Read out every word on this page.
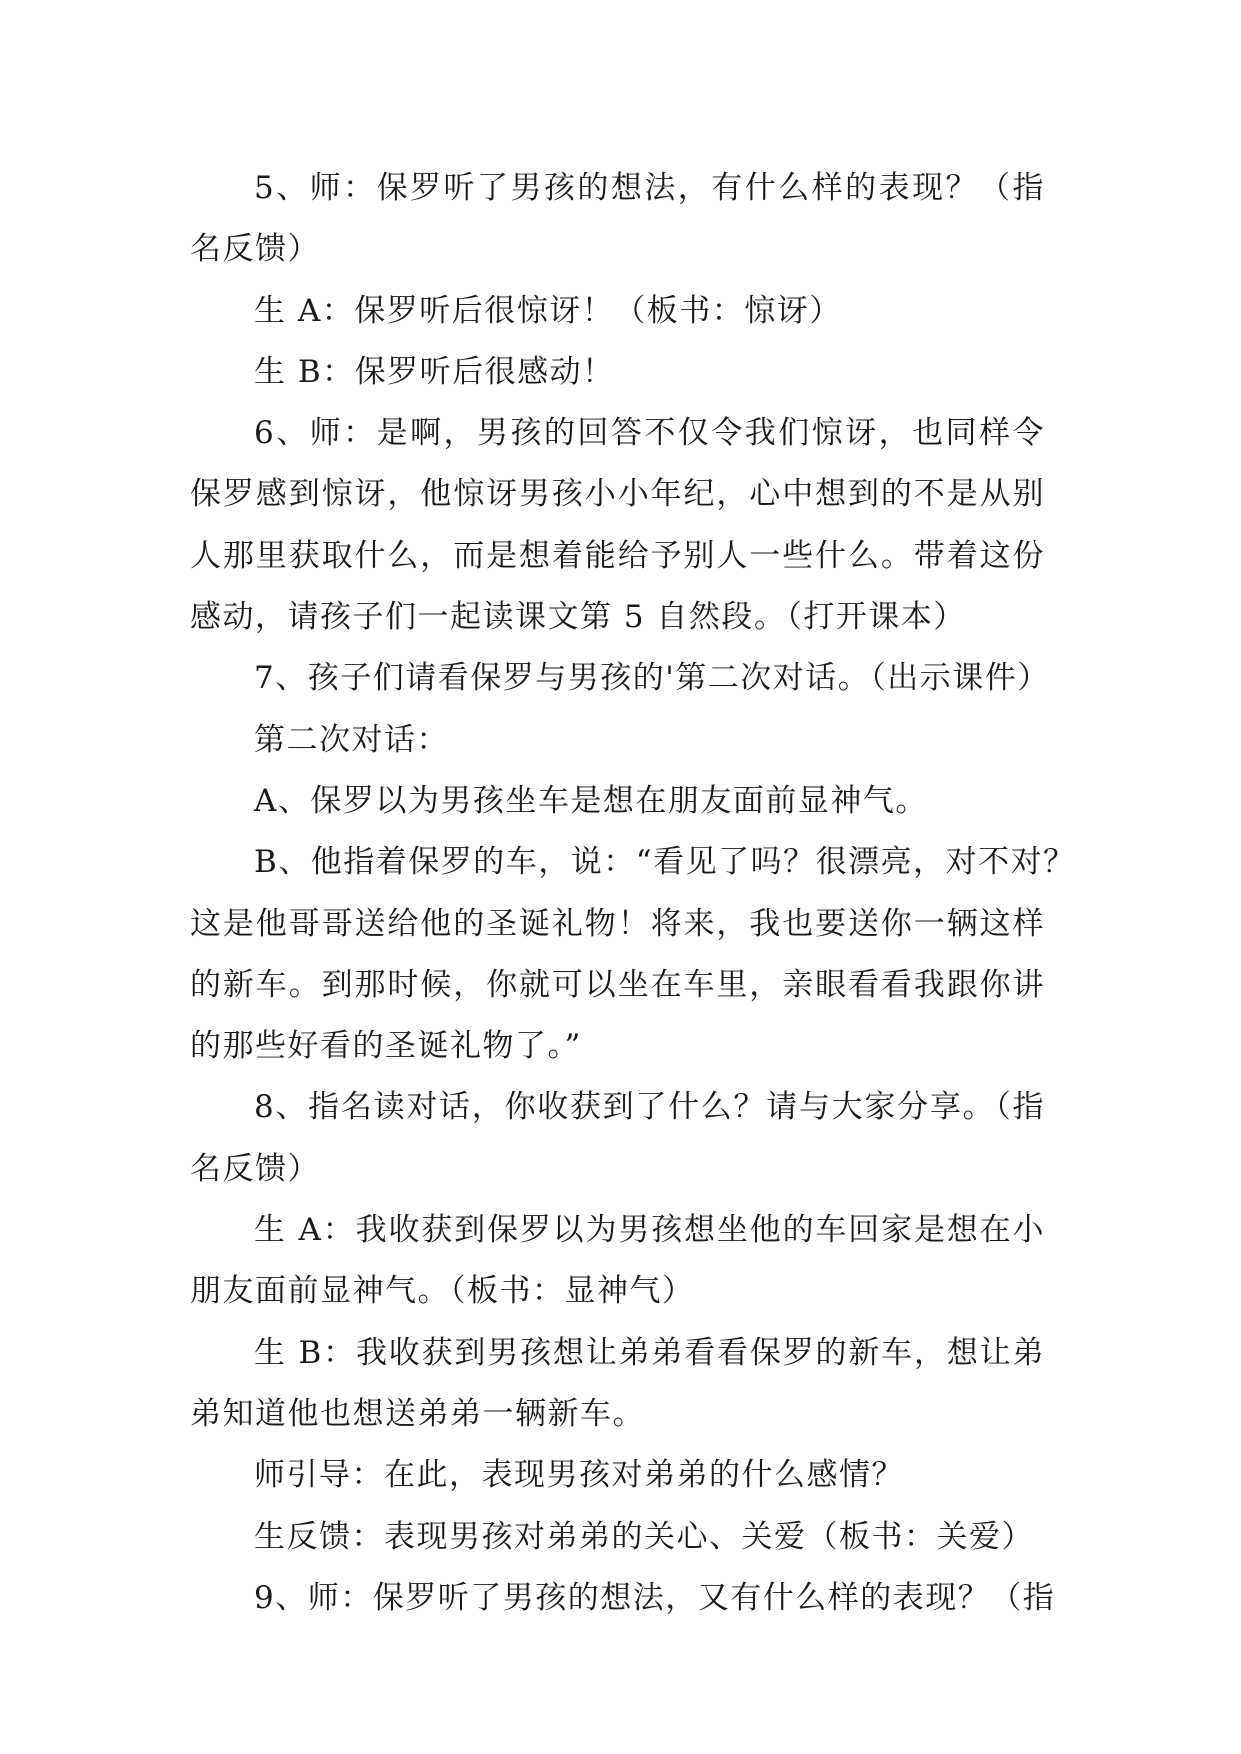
5、师：保罗听了男孩的想法，有什么样的表现？（指
名反馈）
生 A：保罗听后很惊讶！（板书：惊讶）
生 B：保罗听后很感动！
6、师：是啊，男孩的回答不仅令我们惊讶，也同样令
保罗感到惊讶，他惊讶男孩小小年纪，心中想到的不是从别
人那里获取什么，而是想着能给予别人一些什么。带着这份
感动，请孩子们一起读课文第 5 自然段。（打开课本）
7、孩子们请看保罗与男孩的'第二次对话。（出示课件）
第二次对话：
A、保罗以为男孩坐车是想在朋友面前显神气。
B、他指着保罗的车，说：“看见了吗？很漂亮，对不对？
这是他哥哥送给他的圣诞礼物！将来，我也要送你一辆这样
的新车。到那时候，你就可以坐在车里，亲眼看看我跟你讲
的那些好看的圣诞礼物了。”
8、指名读对话，你收获到了什么？请与大家分享。（指
名反馈）
生 A：我收获到保罗以为男孩想坐他的车回家是想在小
朋友面前显神气。（板书：显神气）
生 B：我收获到男孩想让弟弟看看保罗的新车，想让弟
弟知道他也想送弟弟一辆新车。
师引导：在此，表现男孩对弟弟的什么感情？
生反馈：表现男孩对弟弟的关心、关爱（板书：关爱）
9、师：保罗听了男孩的想法，又有什么样的表现？（指
